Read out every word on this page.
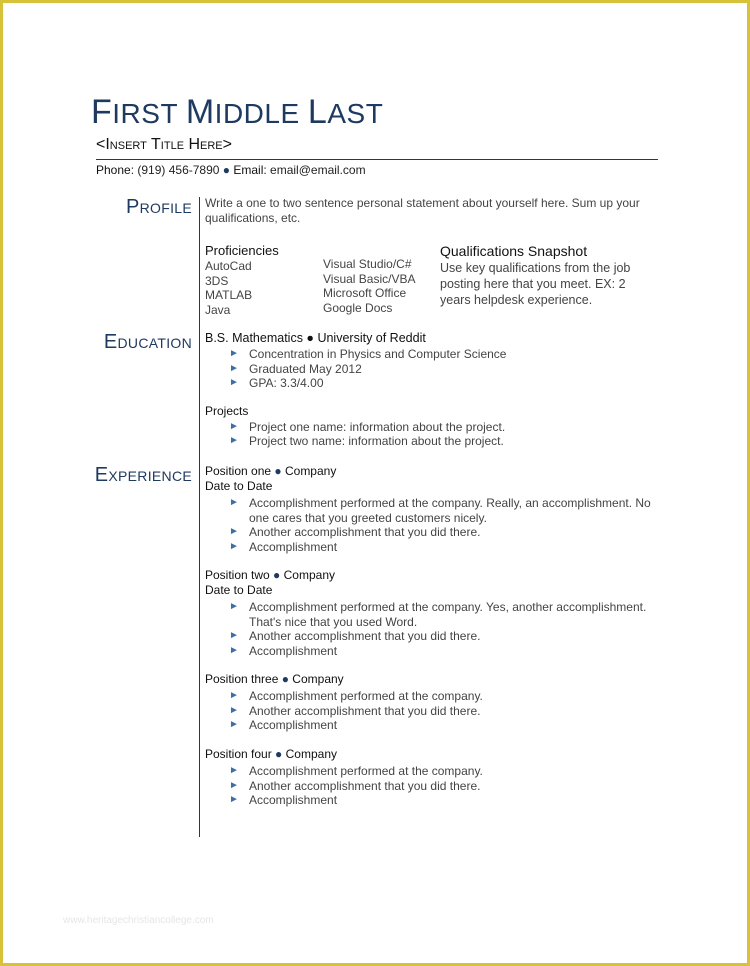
FIRST MIDDLE LAST
<Insert Title Here>
Phone: (919) 456-7890 ● Email: email@email.com
Profile Write a one to two sentence personal statement about yourself here. Sum up your qualifications, etc.
Proficiencies
AutoCad
3DS
MATLAB
Java
Visual Studio/C#
Visual Basic/VBA
Microsoft Office
Google Docs
Qualifications Snapshot
Use key qualifications from the job posting here that you meet. EX: 2 years helpdesk experience.
Education B.S. Mathematics ● University of Reddit
► Concentration in Physics and Computer Science
► Graduated May 2012
► GPA: 3.3/4.00
Projects
► Project one name: information about the project.
► Project two name: information about the project.
Experience Position one ● Company
Date to Date
► Accomplishment performed at the company. Really, an accomplishment. No one cares that you greeted customers nicely.
► Another accomplishment that you did there.
► Accomplishment
Position two ● Company
Date to Date
► Accomplishment performed at the company. Yes, another accomplishment. That's nice that you used Word.
► Another accomplishment that you did there.
► Accomplishment
Position three ● Company
► Accomplishment performed at the company.
► Another accomplishment that you did there.
► Accomplishment
Position four ● Company
► Accomplishment performed at the company.
► Another accomplishment that you did there.
► Accomplishment
www.heritagechristiancollege.com
